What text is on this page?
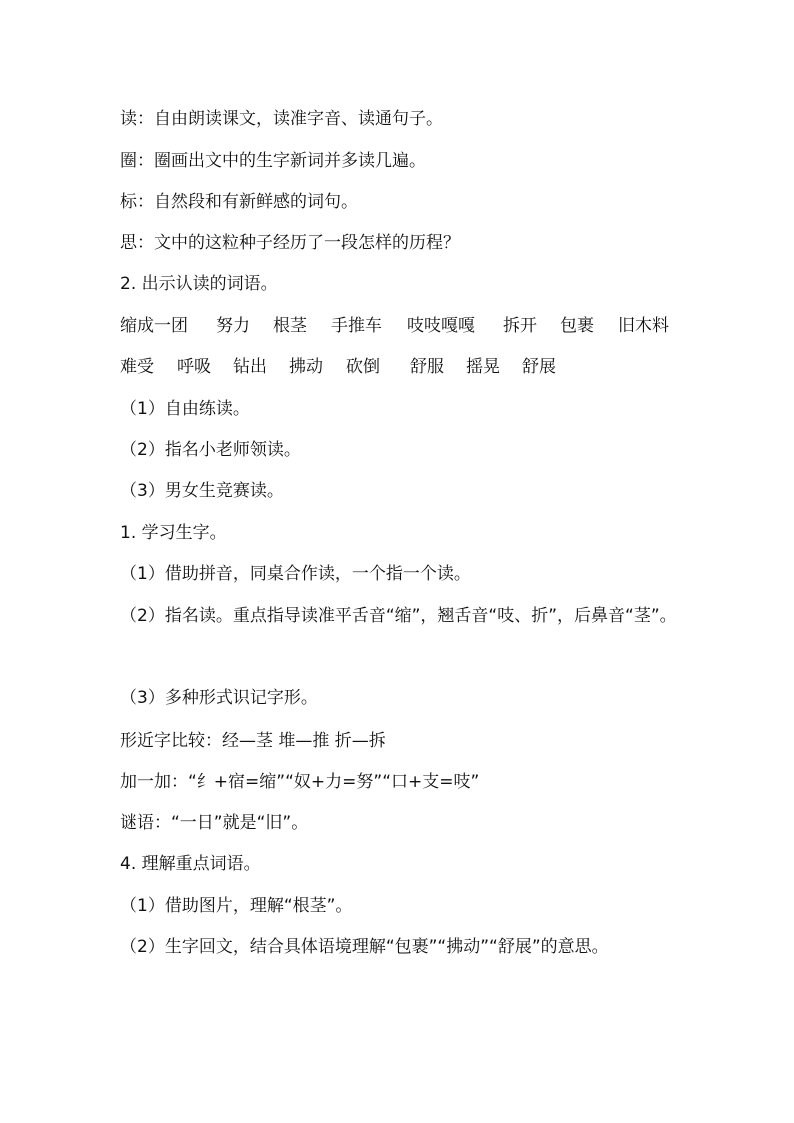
读：自由朗读课文，读准字音、读通句子。
圈：圈画出文中的生字新词并多读几遍。
标：自然段和有新鲜感的词句。
思：文中的这粒种子经历了一段怎样的历程？
2. 出示认读的词语。
缩成一团 努力 根茎 手推车 吱吱嘎嘎 拆开 包裹 旧木料
难受 呼吸 钻出 拂动 砍倒 舒服 摇晃 舒展
（1）自由练读。
（2）指名小老师领读。
（3）男女生竞赛读。
1. 学习生字。
（1）借助拼音，同桌合作读，一个指一个读。
（2）指名读。重点指导读准平舌音“缩”，翘舌音“吱、折”，后鼻音“茎”。
（3）多种形式识记字形。
形近字比较：经—茎 堆—推 折—拆
加一加：“纟+宿=缩”“奴+力=努”“口+支=吱”
谜语：“一日”就是“旧”。
4. 理解重点词语。
（1）借助图片，理解“根茎”。
（2）生字回文，结合具体语境理解“包裹”“拂动”“舒展”的意思。
